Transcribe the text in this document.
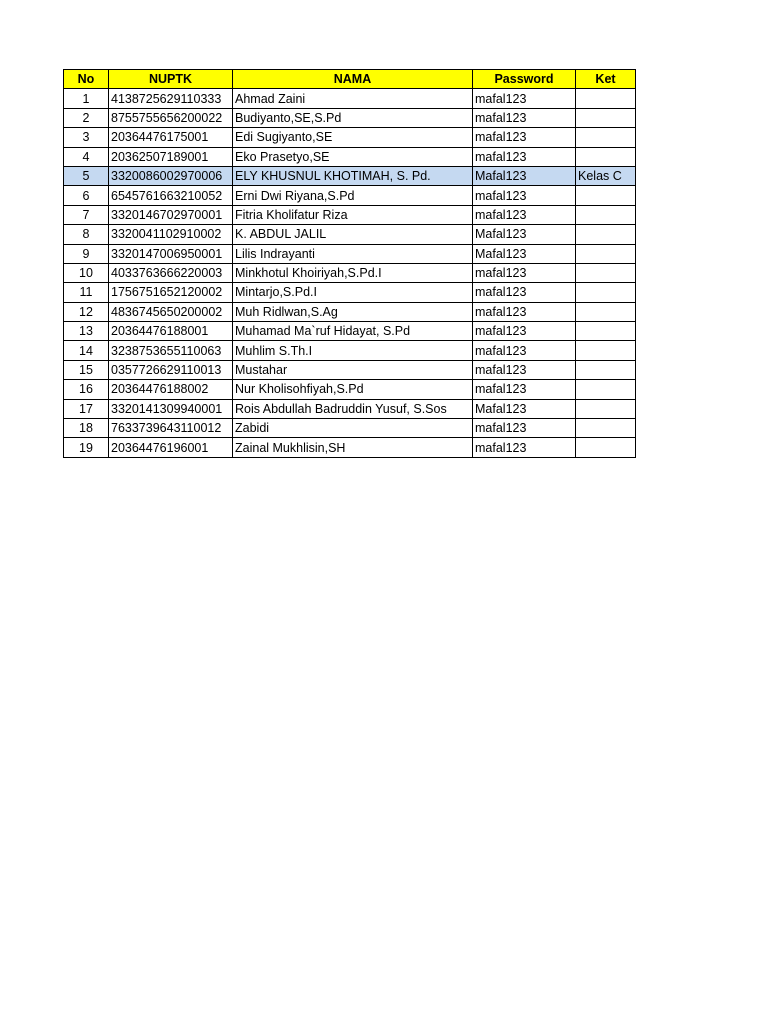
No	NUPTK	NAMA	Password	Ket
1	4138725629110333	Ahmad Zaini	mafal123	
2	8755755656200022	Budiyanto,SE,S.Pd	mafal123	
3	20364476175001	Edi Sugiyanto,SE	mafal123	
4	20362507189001	Eko Prasetyo,SE	mafal123	
5	3320086002970006	ELY KHUSNUL KHOTIMAH, S. Pd.	Mafal123	Kelas C
6	6545761663210052	Erni Dwi Riyana,S.Pd	mafal123	
7	3320146702970001	Fitria Kholifatur Riza	mafal123	
8	3320041102910002	K. ABDUL JALIL	Mafal123	
9	3320147006950001	Lilis Indrayanti	Mafal123	
10	4033763666220003	Minkhotul Khoiriyah,S.Pd.I	mafal123	
11	1756751652120002	Mintarjo,S.Pd.I	mafal123	
12	4836745650200002	Muh Ridlwan,S.Ag	mafal123	
13	20364476188001	Muhamad Ma`ruf Hidayat, S.Pd	mafal123	
14	3238753655110063	Muhlim S.Th.I	mafal123	
15	0357726629110013	Mustahar	mafal123	
16	20364476188002	Nur Kholisohfiyah,S.Pd	mafal123	
17	3320141309940001	Rois Abdullah Badruddin Yusuf, S.Sos	Mafal123	
18	7633739643110012	Zabidi	mafal123	
19	20364476196001	Zainal Mukhlisin,SH	mafal123	
